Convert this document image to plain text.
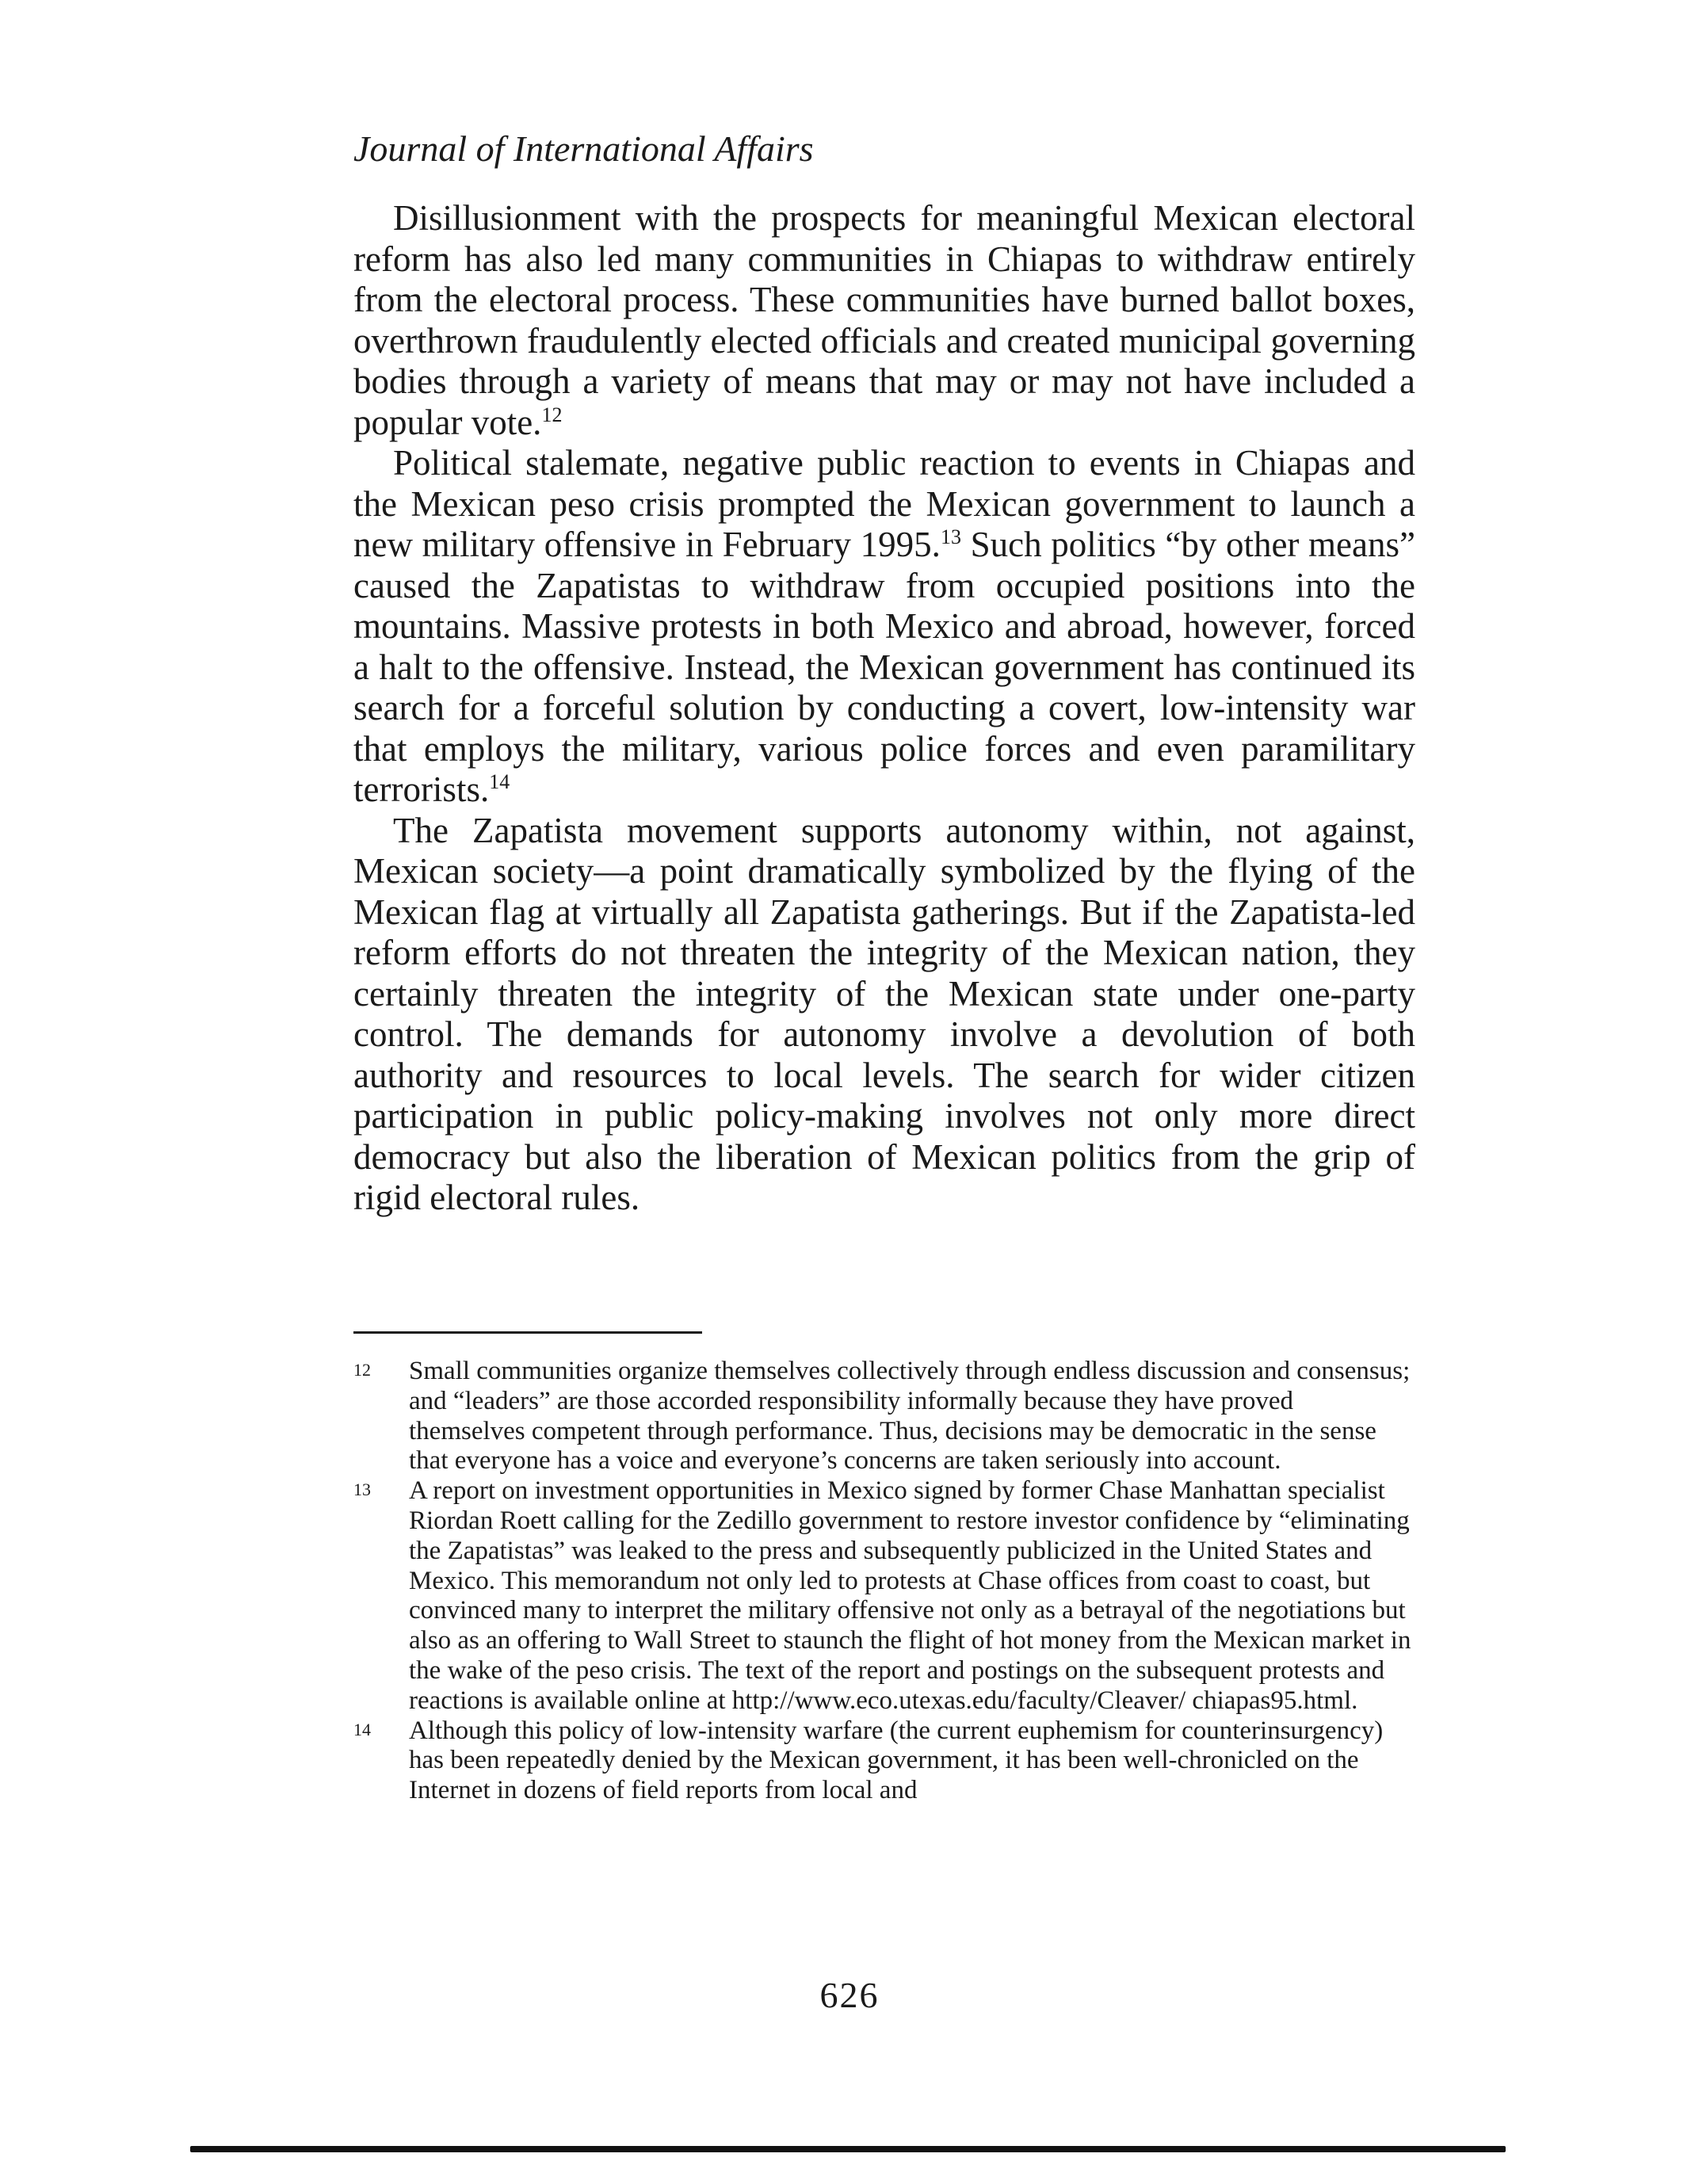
Journal of International Affairs

Disillusionment with the prospects for meaningful Mexican electoral reform has also led many communities in Chiapas to withdraw entirely from the electoral process. These communities have burned ballot boxes, overthrown fraudulently elected officials and created municipal governing bodies through a variety of means that may or may not have included a popular vote.$^{12}$

Political stalemate, negative public reaction to events in Chiapas and the Mexican peso crisis prompted the Mexican government to launch a new military offensive in February 1995.13 Such politics “by other means” caused the Zapatistas to withdraw from occupied positions into the mountains. Massive protests in both Mexico and abroad, however, forced a halt to the offensive. Instead, the Mexican government has continued its search for a forceful solution by conducting a covert, low-intensity war that employs the military, various police forces and even paramilitary terrorists.$^{14}$

The Zapatista movement supports autonomy within, not against, Mexican society—a point dramatically symbolized by the flying of the Mexican flag at virtually all Zapatista gatherings. But if the Zapatista-led reform efforts do not threaten the integrity of the Mexican nation, they certainly threaten the integrity of the Mexican state under one-party control. The demands for autonomy involve a devolution of both authority and resources to local levels. The search for wider citizen participation in public policy-making involves not only more direct democracy but also the liberation of Mexican politics from the grip of rigid electoral rules.

12	Small communities organize themselves collectively through endless discussion and consensus; and “leaders” are those accorded responsibility informally because they have proved themselves competent through performance. Thus, decisions may be democratic in the sense that everyone has a voice and everyone’s concerns are taken seriously into account.
13	A report on investment opportunities in Mexico signed by former Chase Manhattan specialist Riordan Roett calling for the Zedillo government to restore investor confidence by “eliminating the Zapatistas” was leaked to the press and subsequently publicized in the United States and Mexico. This memorandum not only led to protests at Chase offices from coast to coast, but convinced many to interpret the military offensive not only as a betrayal of the negotiations but also as an offering to Wall Street to staunch the flight of hot money from the Mexican market in the wake of the peso crisis. The text of the report and postings on the subsequent protests and reactions is available online at http://www.eco.utexas.edu/faculty/Cleaver/ chiapas95.html.
14	Although this policy of low-intensity warfare (the current euphemism for counterinsurgency) has been repeatedly denied by the Mexican government, it has been well-chronicled on the Internet in dozens of field reports from local and
626
